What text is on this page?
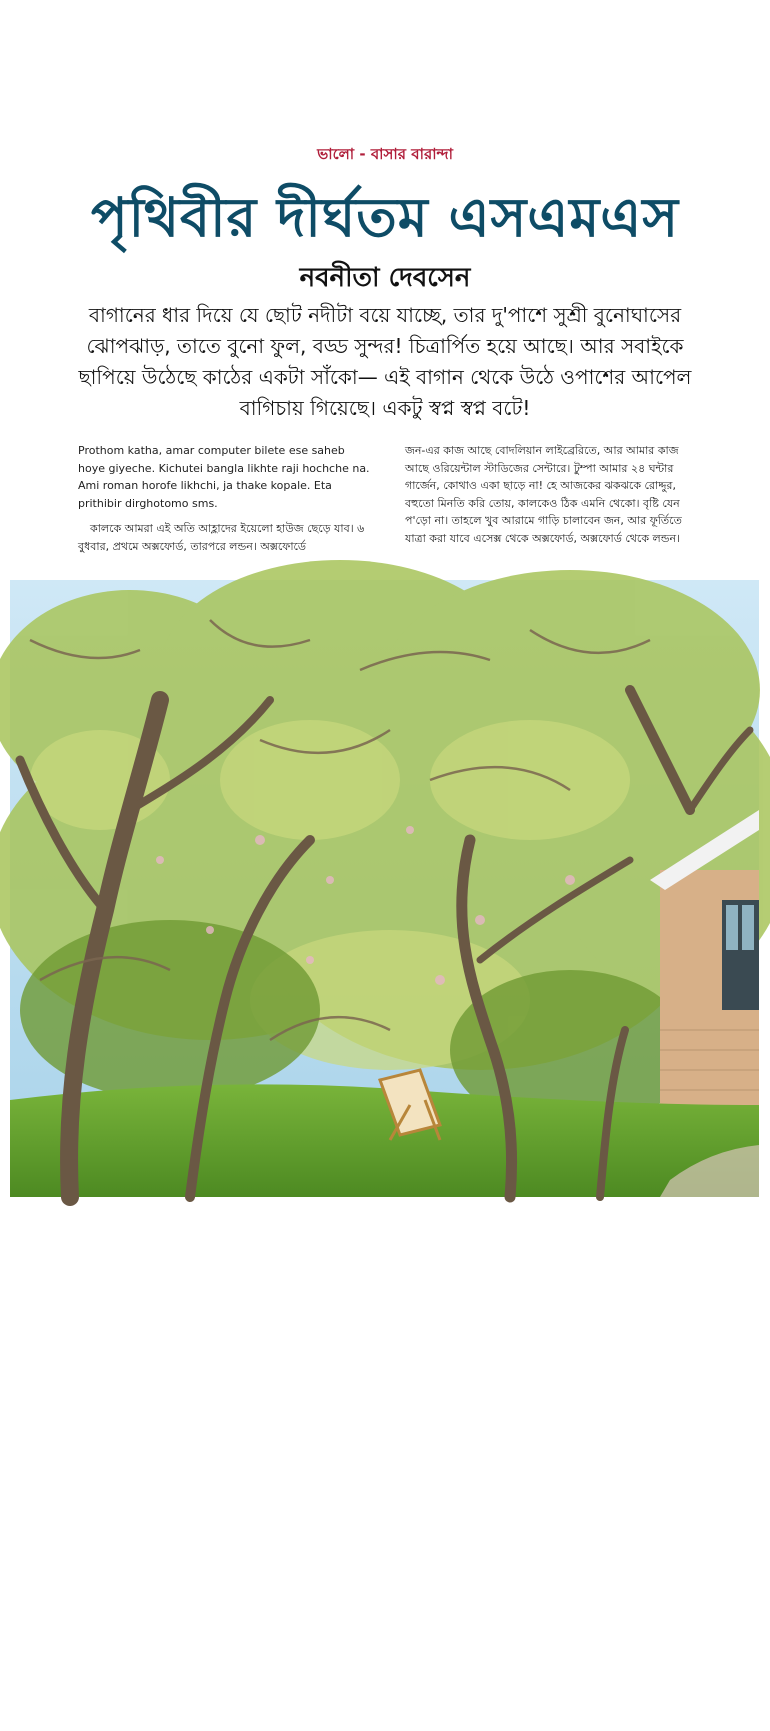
ভালো - বাসার বারান্দা
পৃথিবীর দীর্ঘতম এসএমএস
নবনীতা দেবসেন
বাগানের ধার দিয়ে যে ছোট নদীটা বয়ে যাচ্ছে, তার দু'পাশে সুশ্রী বুনোঘাসের ঝোপঝাড়, তাতে বুনো ফুল, বড্ড সুন্দর! চিত্রার্পিত হয়ে আছে। আর সবাইকে ছাপিয়ে উঠেছে কাঠের একটা সাঁকো— এই বাগান থেকে উঠে ওপাশের আপেল বাগিচায় গিয়েছে। একটু স্বপ্ন স্বপ্ন বটে!

Prothom katha, amar computer bilete ese saheb hoye giyeche. Kichutei bangla likhte raji hochche na. Ami roman horofe likhchi, ja thake kopale. Eta prithibir dirghotomo sms.

কালকে আমরা এই অতি আহ্লাদের ইয়েলো হাউজ ছেড়ে যাব। ৬ বুধবার, প্রথমে অক্সফোর্ড, তারপরে লন্ডন। অক্সফোর্ডে

জন-এর কাজ আছে বোদলিয়ান লাইব্রেরিতে, আর আমার কাজ আছে ওরিয়েন্টাল স্টাডিজের সেন্টারে। টুম্পা আমার ২৪ ঘন্টার গার্জেন, কোথাও একা ছাড়ে না! হে আজকের ঝকঝকে রোদ্দুর, বহুতো মিনতি করি তোয়, কালকেও ঠিক এমনি থেকো। বৃষ্টি যেন প'ড়ো না। তাহলে খুব আরামে গাড়ি চালাবেন জন, আর ফূর্তিতে যাত্রা করা যাবে এসেক্স থেকে অক্সফোর্ড, অক্সফোর্ড থেকে লন্ডন।

ছবি: লেখিকা
